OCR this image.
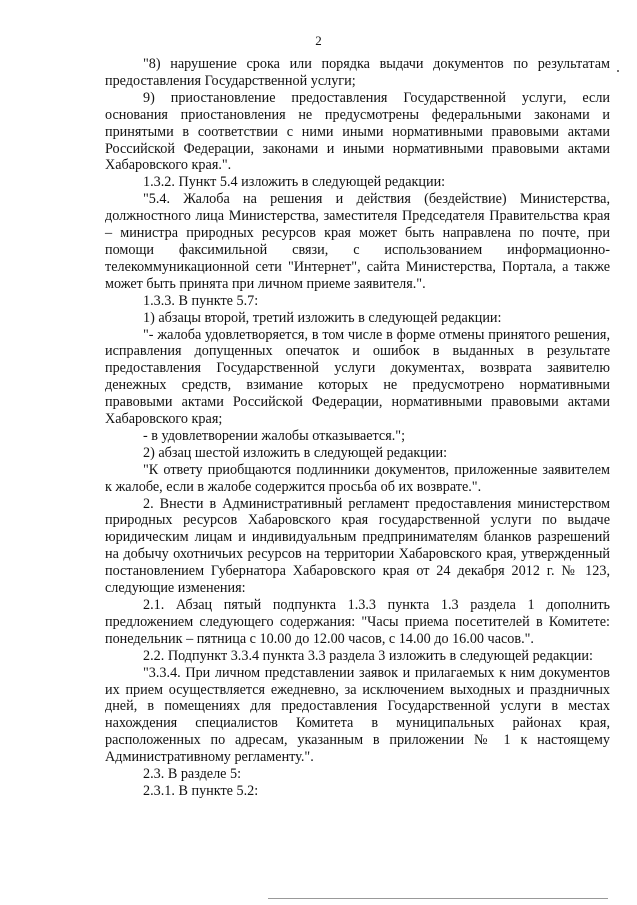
2

"8) нарушение срока или порядка выдачи документов по результатам предоставления Государственной услуги;

9) приостановление предоставления Государственной услуги, если основания приостановления не предусмотрены федеральными законами и принятыми в соответствии с ними иными нормативными правовыми актами Российской Федерации, законами и иными нормативными правовыми актами Хабаровского края.".

1.3.2. Пункт 5.4 изложить в следующей редакции:

"5.4. Жалоба на решения и действия (бездействие) Министерства, должностного лица Министерства, заместителя Председателя Правительства края – министра природных ресурсов края может быть направлена по почте, при помощи факсимильной связи, с использованием информационно-телекоммуникационной сети "Интернет", сайта Министерства, Портала, а также может быть принята при личном приеме заявителя.".

1.3.3. В пункте 5.7:

1) абзацы второй, третий изложить в следующей редакции:

"- жалоба удовлетворяется, в том числе в форме отмены принятого решения, исправления допущенных опечаток и ошибок в выданных в результате предоставления Государственной услуги документах, возврата заявителю денежных средств, взимание которых не предусмотрено нормативными правовыми актами Российской Федерации, нормативными правовыми актами Хабаровского края;

- в удовлетворении жалобы отказывается.";

2) абзац шестой изложить в следующей редакции:

"К ответу приобщаются подлинники документов, приложенные заявителем к жалобе, если в жалобе содержится просьба об их возврате.".

2. Внести в Административный регламент предоставления министерством природных ресурсов Хабаровского края государственной услуги по выдаче юридическим лицам и индивидуальным предпринимателям бланков разрешений на добычу охотничьих ресурсов на территории Хабаровского края, утвержденный постановлением Губернатора Хабаровского края от 24 декабря 2012 г. № 123, следующие изменения:

2.1. Абзац пятый подпункта 1.3.3 пункта 1.3 раздела 1 дополнить предложением следующего содержания: "Часы приема посетителей в Комитете: понедельник – пятница с 10.00 до 12.00 часов, с 14.00 до 16.00 часов.".

2.2. Подпункт 3.3.4 пункта 3.3 раздела 3 изложить в следующей редакции:

"3.3.4. При личном представлении заявок и прилагаемых к ним документов их прием осуществляется ежедневно, за исключением выходных и праздничных дней, в помещениях для предоставления Государственной услуги в местах нахождения специалистов Комитета в муниципальных районах края, расположенных по адресам, указанным в приложении № 1 к настоящему Административному регламенту.".

2.3. В разделе 5:

2.3.1. В пункте 5.2:
